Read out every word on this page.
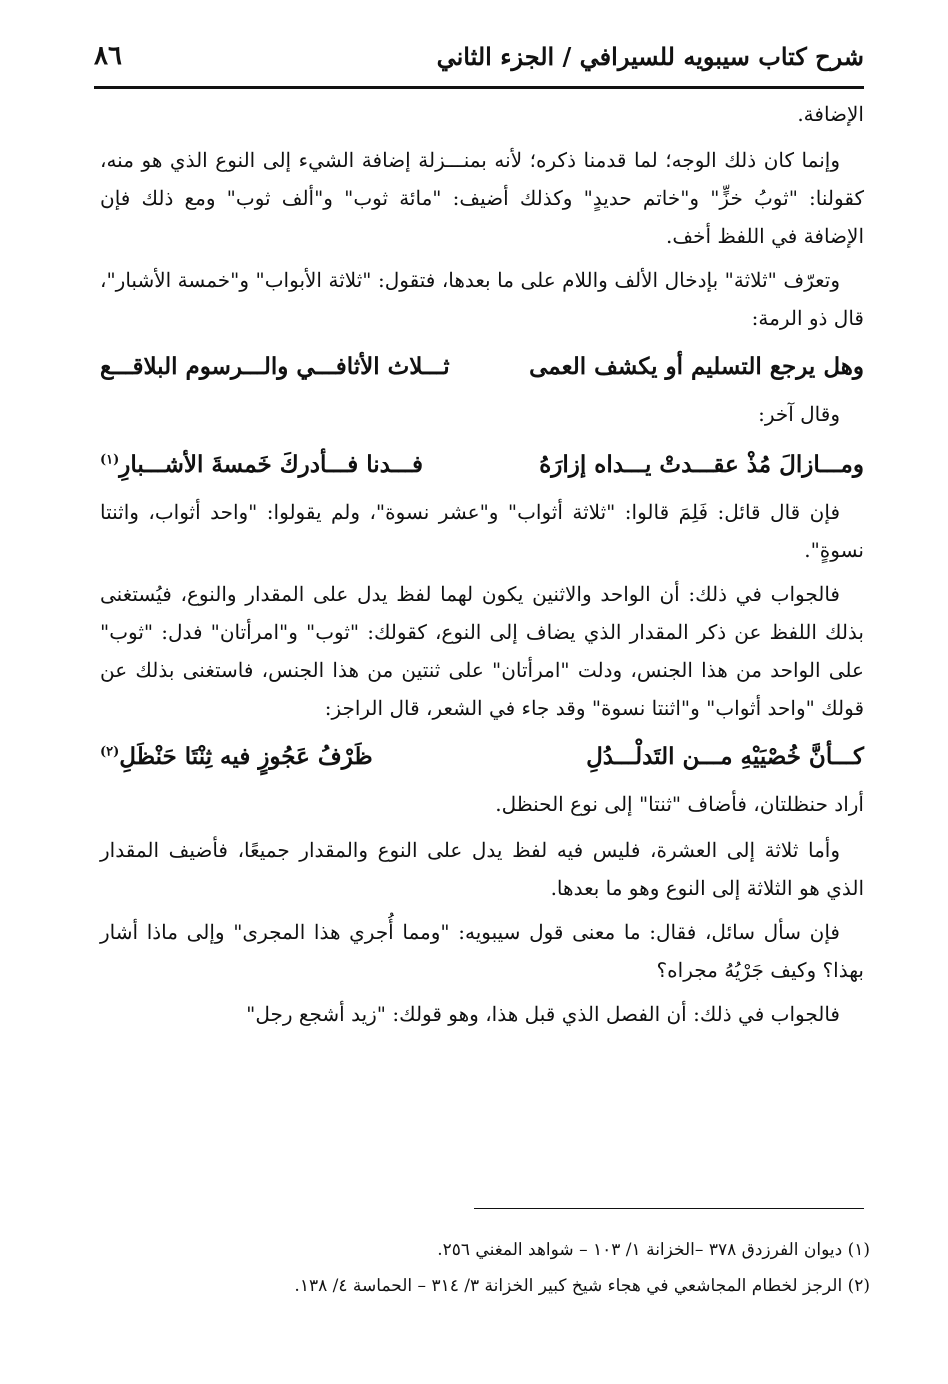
شرح كتاب سيبويه للسيرافي / الجزء الثاني
٨٦

الإضافة.

وإنما كان ذلك الوجه؛ لما قدمنا ذكره؛ لأنه بمنـــزلة إضافة الشيء إلى النوع الذي هو منه، كقولنا: "ثوبُ خزٍّ" و"خاتم حديدٍ" وكذلك أضيف: "مائة ثوب" و"ألف ثوب" ومع ذلك فإن الإضافة في اللفظ أخف.

وتعرّف "ثلاثة" بإدخال الألف واللام على ما بعدها، فتقول: "ثلاثة الأبواب" و"خمسة الأشبار"، قال ذو الرمة:

وهل يرجع التسليم أو يكشف العمى
ثـــلاث الأثافـــي والـــرسوم البلاقـــع

وقال آخر:

ومـــازالَ مُذْ عقـــدتْ يـــداه إزارَهُ
فـــدنا فـــأدركَ خَمسةَ الأشـــبارِ$^{(١)}$

فإن قال قائل: فَلِمَ قالوا: "ثلاثة أثواب" و"عشر نسوة"، ولم يقولوا: "واحد أثواب، واثنتا نسوةٍ".

فالجواب في ذلك: أن الواحد والاثنين يكون لهما لفظ يدل على المقدار والنوع، فيُستغنى بذلك اللفظ عن ذكر المقدار الذي يضاف إلى النوع، كقولك: "ثوب" و"امرأتان" فدل: "ثوب" على الواحد من هذا الجنس، ودلت "امرأتان" على ثنتين من هذا الجنس، فاستغنى بذلك عن قولك "واحد أثواب" و"اثنتا نسوة" وقد جاء في الشعر، قال الراجز:

كـــأنَّ خُصْيَيْهِ مـــن التَدلْـــدُلِ
ظَرْفُ عَجُوزٍ فيه ثِنْتَا حَنْظَلِ$^{(٢)}$

أراد حنظلتان، فأضاف "ثنتا" إلى نوع الحنظل.

وأما ثلاثة إلى العشرة، فليس فيه لفظ يدل على النوع والمقدار جميعًا، فأضيف المقدار الذي هو الثلاثة إلى النوع وهو ما بعدها.

فإن سأل سائل، فقال: ما معنى قول سيبويه: "ومما أُجري هذا المجرى" وإلى ماذا أشار بهذا؟ وكيف جَرْيُهُ مجراه؟

فالجواب في ذلك: أن الفصل الذي قبل هذا، وهو قولك: "زيد أشجع رجل"

(١) ديوان الفرزدق ٣٧٨ –الخزانة ١/ ١٠٣ – شواهد المغني ٢٥٦.

(٢) الرجز لخطام المجاشعي في هجاء شيخ كبير الخزانة ٣/ ٣١٤ – الحماسة ٤/ ١٣٨.
